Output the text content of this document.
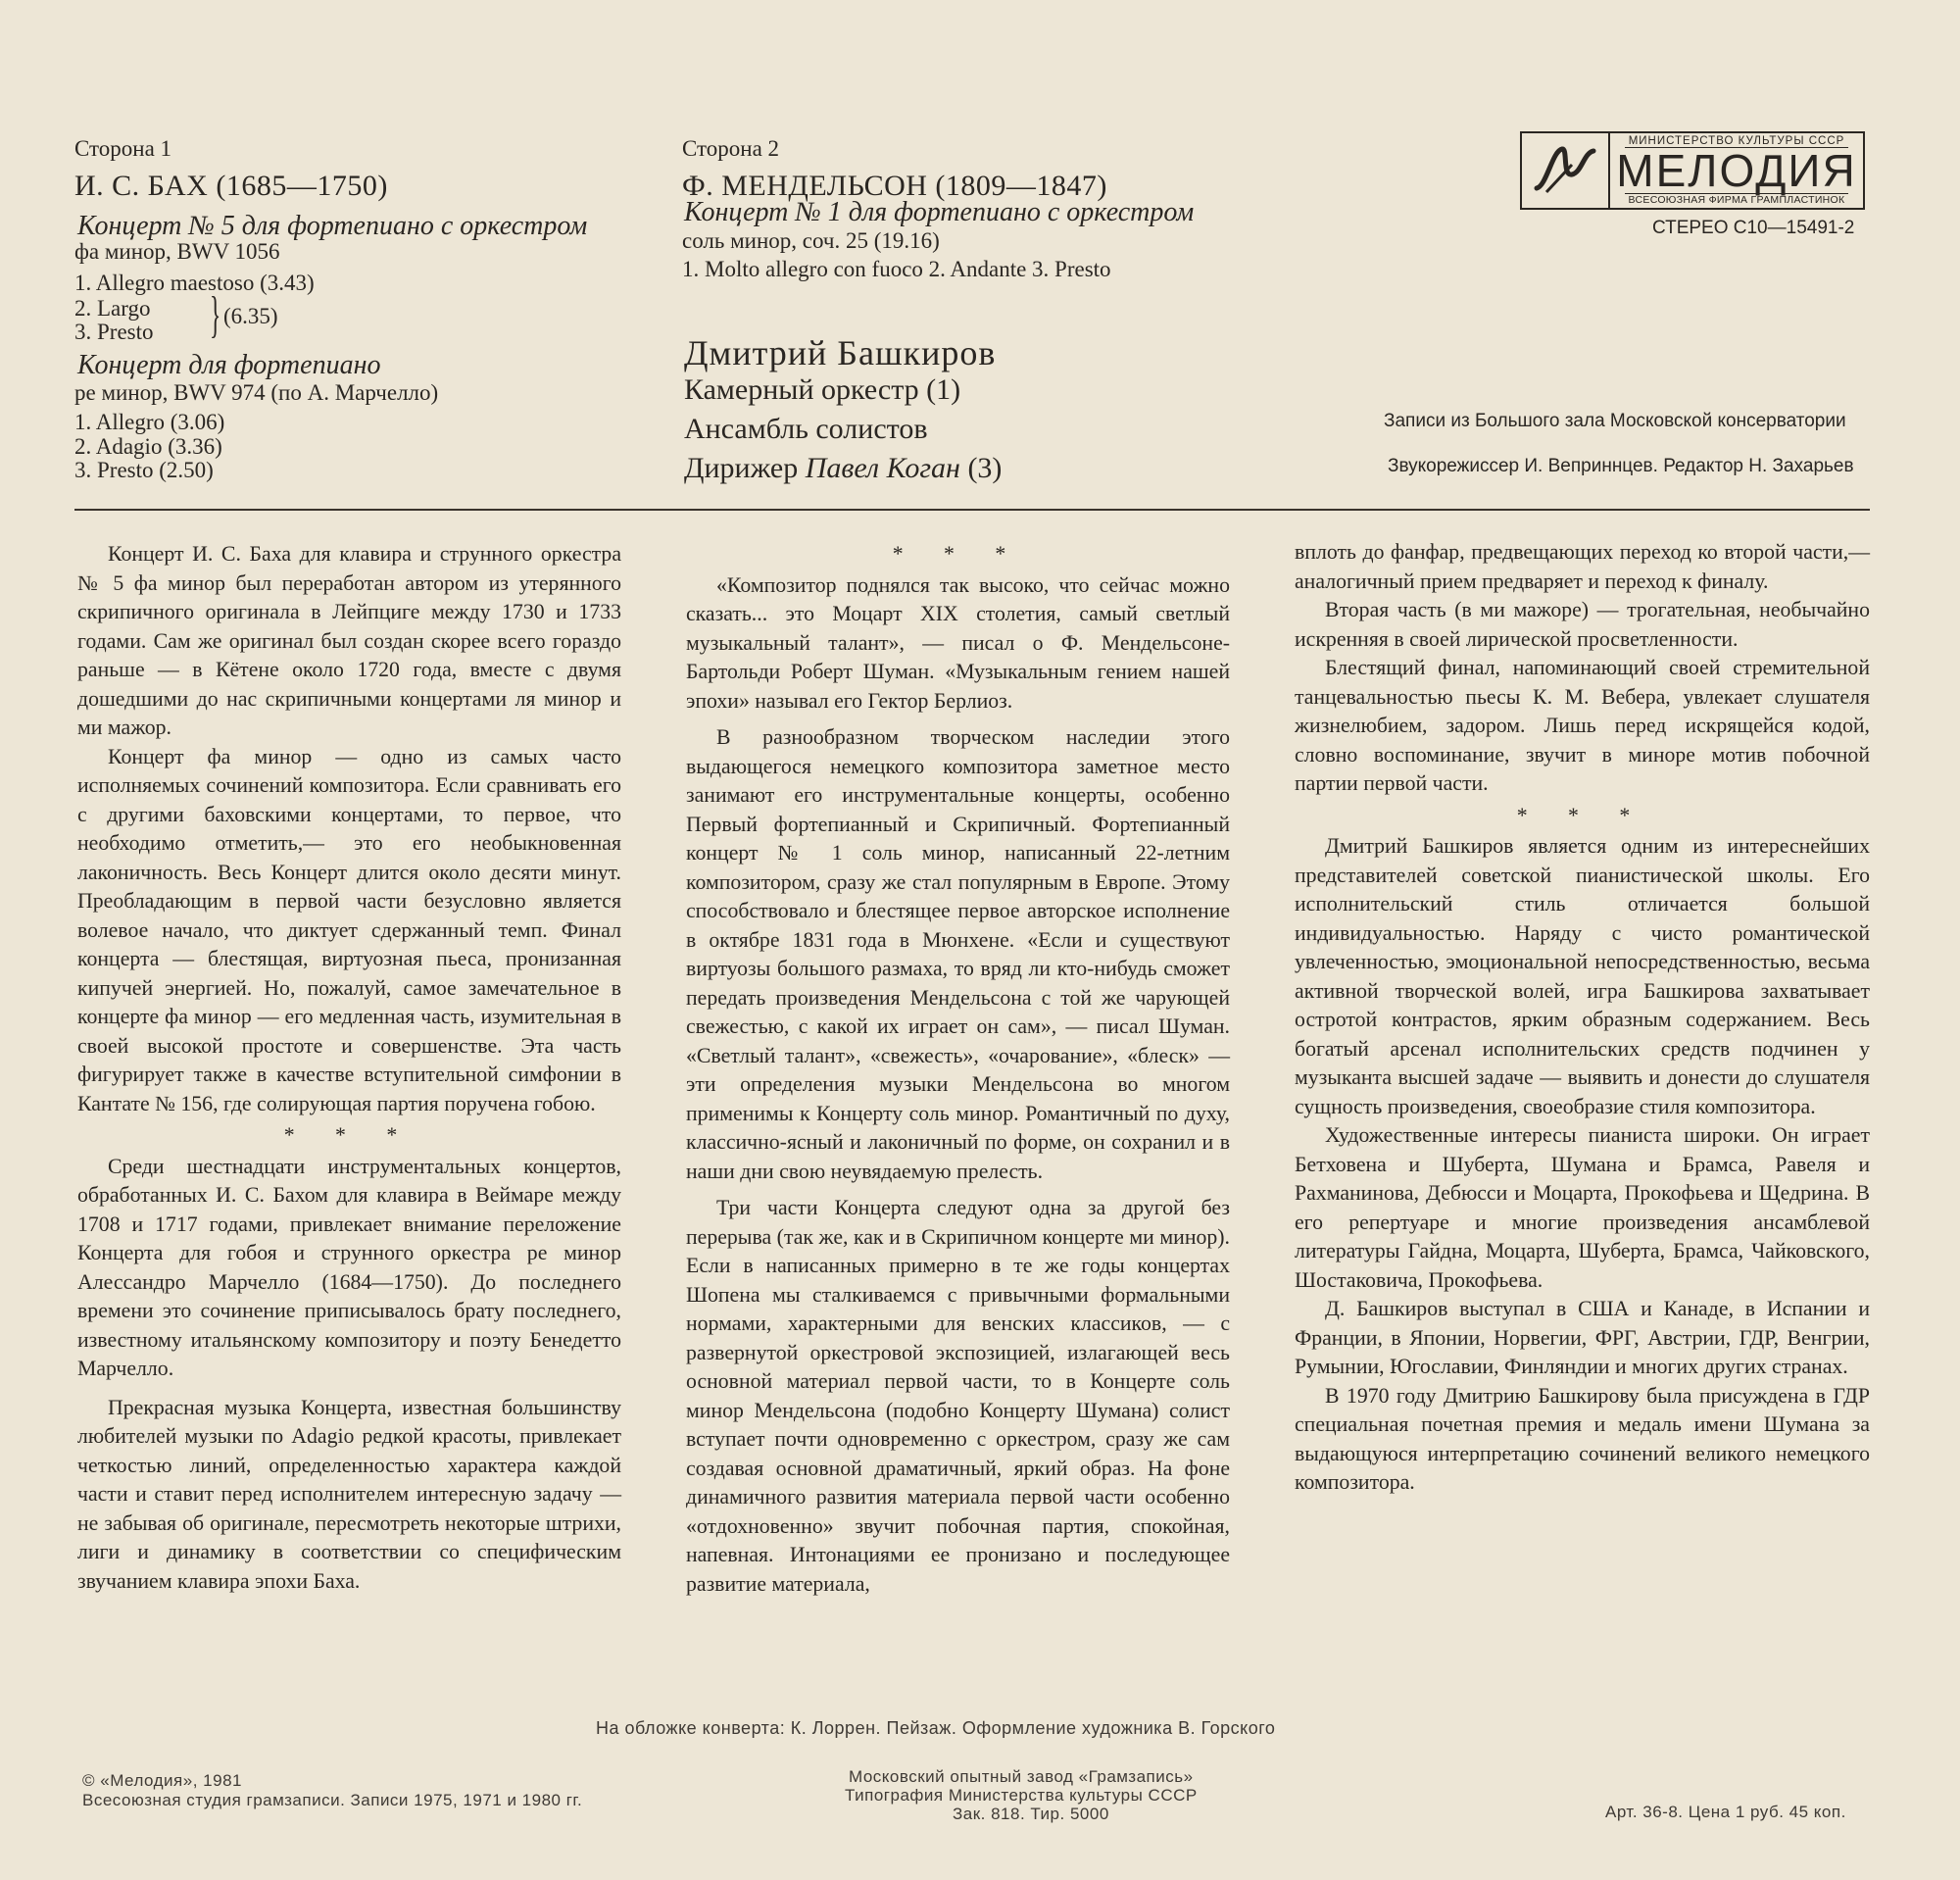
Сторона 1
И. С. БАХ (1685—1750)
Концерт № 5 для фортепиано с оркестром
фа минор, BWV 1056
1. Allegro maestoso (3.43)
2. Largo
3. Presto } (6.35)
Концерт для фортепиано
ре минор, BWV 974 (по А. Марчелло)
1. Allegro (3.06)
2. Adagio (3.36)
3. Presto (2.50)
Сторона 2
Ф. МЕНДЕЛЬСОН (1809—1847)
Концерт № 1 для фортепиано с оркестром
соль минор, соч. 25 (19.16)
1. Molto allegro con fuoco 2. Andante 3. Presto
Дмитрий Башкиров
Камерный оркестр (1)
Ансамбль солистов
Дирижер Павел Коган (3)
МИНИСТЕРСТВО КУЛЬТУРЫ СССР
МЕЛОДИЯ
ВСЕСОЮЗНАЯ ФИРМА ГРАМПЛАСТИНОК
СТЕРЕО С10—15491-2
Записи из Большого зала Московской консерватории
Звукорежиссер И. Веприннцев. Редактор Н. Захарьев

Концерт И. С. Баха для клавира и струнного оркестра № 5 фа минор был переработан автором из утерянного скрипичного оригинала в Лейпциге между 1730 и 1733 годами. Сам же оригинал был создан скорее всего гораздо раньше — в Кётене около 1720 года, вместе с двумя дошедшими до нас скрипичными концертами ля минор и ми мажор.

Концерт фа минор — одно из самых часто исполняемых сочинений композитора. Если сравнивать его с другими баховскими концертами, то первое, что необходимо отметить,— это его необыкновенная лаконичность. Весь Концерт длится около десяти минут. Преобладающим в первой части безусловно является волевое начало, что диктует сдержанный темп. Финал концерта — блестящая, виртуозная пьеса, пронизанная кипучей энергией. Но, пожалуй, самое замечательное в концерте фа минор — его медленная часть, изумительная в своей высокой простоте и совершенстве. Эта часть фигурирует также в качестве вступительной симфонии в Кантате № 156, где солирующая партия поручена гобою.

* * *

Среди шестнадцати инструментальных концертов, обработанных И. С. Бахом для клавира в Веймаре между 1708 и 1717 годами, привлекает внимание переложение Концерта для гобоя и струнного оркестра ре минор Алессандро Марчелло (1684—1750). До последнего времени это сочинение приписывалось брату последнего, известному итальянскому композитору и поэту Бенедетто Марчелло.

Прекрасная музыка Концерта, известная большинству любителей музыки по Adagio редкой красоты, привлекает четкостью линий, определенностью характера каждой части и ставит перед исполнителем интересную задачу — не забывая об оригинале, пересмотреть некоторые штрихи, лиги и динамику в соответствии со специфическим звучанием клавира эпохи Баха.

* * *

«Композитор поднялся так высоко, что сейчас можно сказать... это Моцарт XIX столетия, самый светлый музыкальный талант», — писал о Ф. Мендельсоне-Бартольди Роберт Шуман. «Музыкальным гением нашей эпохи» называл его Гектор Берлиоз.

В разнообразном творческом наследии этого выдающегося немецкого композитора заметное место занимают его инструментальные концерты, особенно Первый фортепианный и Скрипичный. Фортепианный концерт № 1 соль минор, написанный 22-летним композитором, сразу же стал популярным в Европе. Этому способствовало и блестящее первое авторское исполнение в октябре 1831 года в Мюнхене. «Если и существуют виртуозы большого размаха, то вряд ли кто-нибудь сможет передать произведения Мендельсона с той же чарующей свежестью, с какой их играет он сам», — писал Шуман. «Светлый талант», «свежесть», «очарование», «блеск» — эти определения музыки Мендельсона во многом применимы к Концерту соль минор. Романтичный по духу, классично-ясный и лаконичный по форме, он сохранил и в наши дни свою неувядаемую прелесть.

Три части Концерта следуют одна за другой без перерыва (так же, как и в Скрипичном концерте ми минор). Если в написанных примерно в те же годы концертах Шопена мы сталкиваемся с привычными формальными нормами, характерными для венских классиков, — с развернутой оркестровой экспозицией, излагающей весь основной материал первой части, то в Концерте соль минор Мендельсона (подобно Концерту Шумана) солист вступает почти одновременно с оркестром, сразу же сам создавая основной драматичный, яркий образ. На фоне динамичного развития материала первой части особенно «отдохновенно» звучит побочная партия, спокойная, напевная. Интонациями ее пронизано и последующее развитие материала,

вплоть до фанфар, предвещающих переход ко второй части,— аналогичный прием предваряет и переход к финалу.

Вторая часть (в ми мажоре) — трогательная, необычайно искренняя в своей лирической просветленности.

Блестящий финал, напоминающий своей стремительной танцевальностью пьесы К. М. Вебера, увлекает слушателя жизнелюбием, задором. Лишь перед искрящейся кодой, словно воспоминание, звучит в миноре мотив побочной партии первой части.

* * *

Дмитрий Башкиров является одним из интереснейших представителей советской пианистической школы. Его исполнительский стиль отличается большой индивидуальностью. Наряду с чисто романтической увлеченностью, эмоциональной непосредственностью, весьма активной творческой волей, игра Башкирова захватывает остротой контрастов, ярким образным содержанием. Весь богатый арсенал исполнительских средств подчинен у музыканта высшей задаче — выявить и донести до слушателя сущность произведения, своеобразие стиля композитора.

Художественные интересы пианиста широки. Он играет Бетховена и Шуберта, Шумана и Брамса, Равеля и Рахманинова, Дебюсси и Моцарта, Прокофьева и Щедрина. В его репертуаре и многие произведения ансамблевой литературы Гайдна, Моцарта, Шуберта, Брамса, Чайковского, Шостаковича, Прокофьева.

Д. Башкиров выступал в США и Канаде, в Испании и Франции, в Японии, Норвегии, ФРГ, Австрии, ГДР, Венгрии, Румынии, Югославии, Финляндии и многих других странах.

В 1970 году Дмитрию Башкирову была присуждена в ГДР специальная почетная премия и медаль имени Шумана за выдающуюся интерпретацию сочинений великого немецкого композитора.

На обложке конверта: К. Лоррен. Пейзаж. Оформление художника В. Горского
© «Мелодия», 1981
Всесоюзная студия грамзаписи. Записи 1975, 1971 и 1980 гг.
Московский опытный завод «Грамзапись»
Типография Министерства культуры СССР
Зак. 818. Тир. 5000	Арт. 36-8. Цена 1 руб. 45 коп.
